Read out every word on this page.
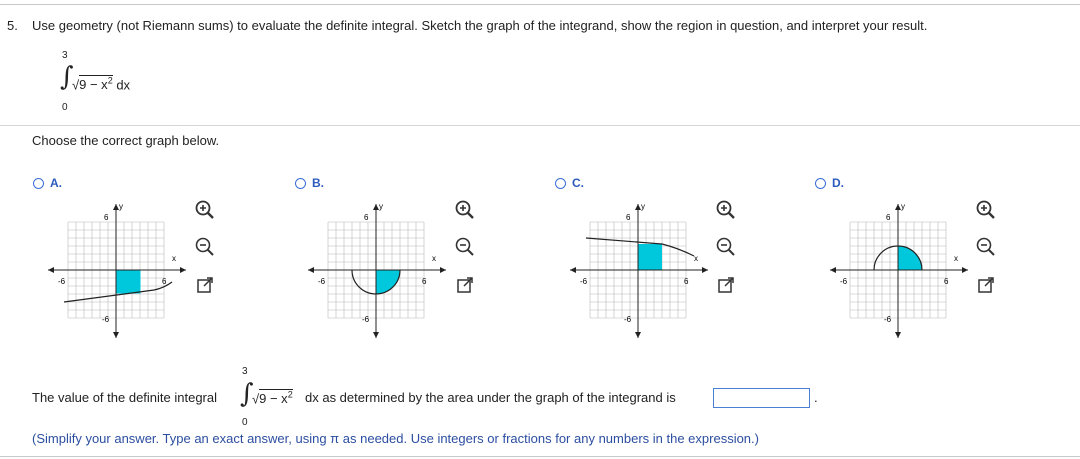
5. Use geometry (not Riemann sums) to evaluate the definite integral. Sketch the graph of the integrand, show the region in question, and interpret your result.
3
∫
$√9 - x^2$ dx
0
Choose the correct graph below.
A.	B.	C.	D.
y
x
6
-6	6
-6
y
x
6
-6	6
-6
y
x
6
-6	6
-6
y
x
6
-6	6
-6
The value of the definite integral
3
∫
$√9 - x^2$
0
dx as determined by the area under the graph of the integrand is	.
(Simplify your answer. Type an exact answer, using π as needed. Use integers or fractions for any numbers in the expression.)
